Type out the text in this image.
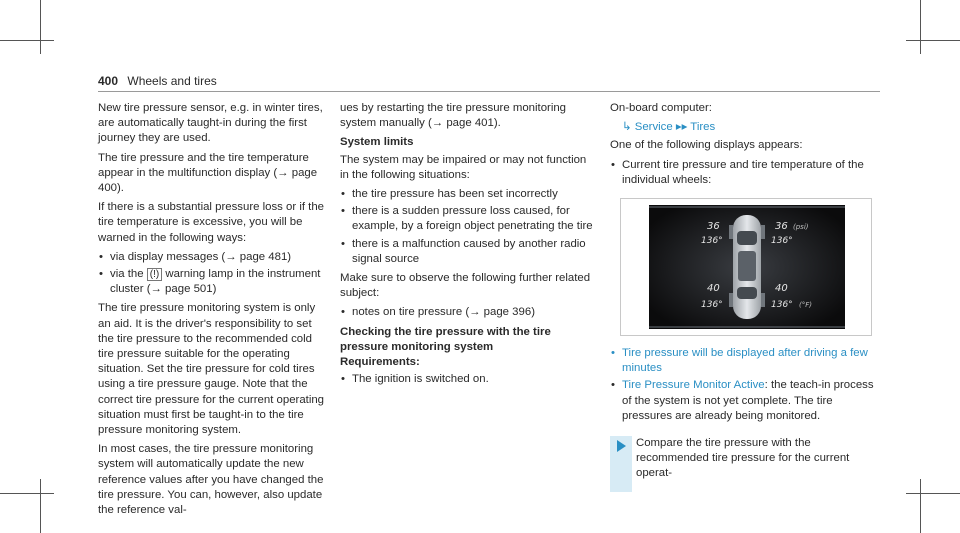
400 Wheels and tires

New tire pressure sensor, e.g. in winter tires, are automatically taught-in during the first journey they are used.

The tire pressure and the tire temperature appear in the multifunction display (→ page 400).

If there is a substantial pressure loss or if the tire temperature is excessive, you will be warned in the following ways:

• via display messages (→ page 481)
• via the (!) warning lamp in the instrument cluster (→ page 501)

The tire pressure monitoring system is only an aid. It is the driver's responsibility to set the tire pressure to the recommended cold tire pressure suitable for the operating situation. Set the tire pressure for cold tires using a tire pressure gauge. Note that the correct tire pressure for the current operating situation must first be taught-in to the tire pressure monitoring system.

In most cases, the tire pressure monitoring system will automatically update the new reference values after you have changed the tire pressure. You can, however, also update the reference val-

ues by restarting the tire pressure monitoring system manually (→ page 401).

System limits

The system may be impaired or may not function in the following situations:

• the tire pressure has been set incorrectly
• there is a sudden pressure loss caused, for example, by a foreign object penetrating the tire
• there is a malfunction caused by another radio signal source

Make sure to observe the following further related subject:

• notes on tire pressure (→ page 396)
Checking the tire pressure with the tire pressure monitoring system
Requirements:
• The ignition is switched on.

On-board computer:

↳ Service ▸▸ Tires

One of the following displays appears:

• Current tire pressure and tire temperature of the individual wheels:
36	36 (psi)
136°	136°
40	40
136°	136° (°F)
• Tire pressure will be displayed after driving a few minutes
• Tire Pressure Monitor Active: the teach-in process of the system is not yet complete. The tire pressures are already being monitored.
Compare the tire pressure with the recommended tire pressure for the current operat-
